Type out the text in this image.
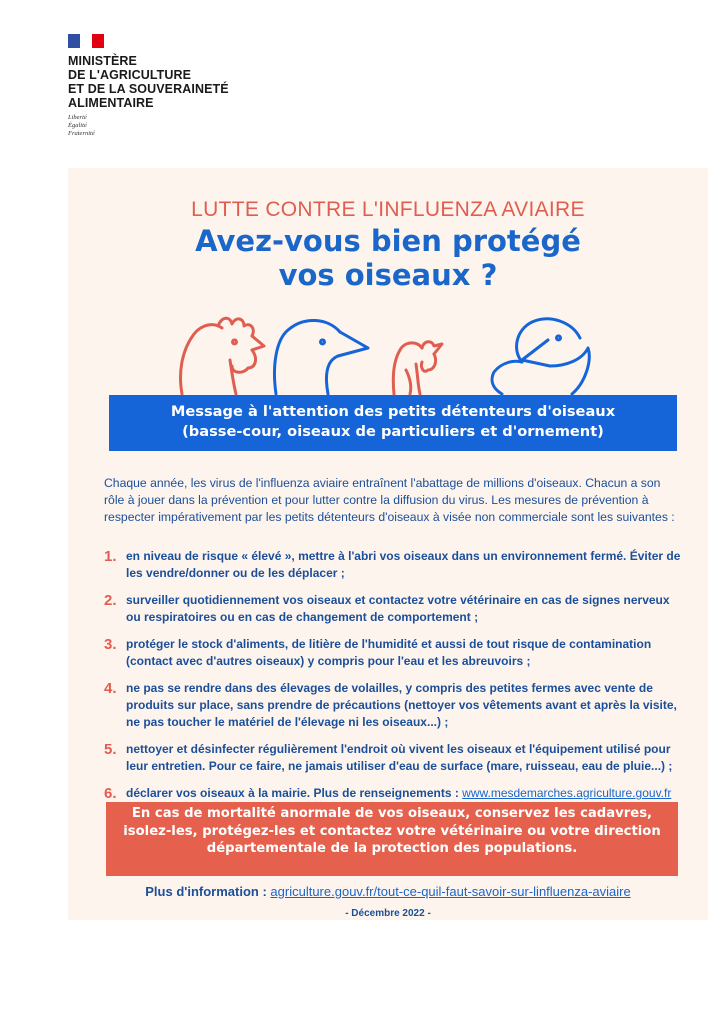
MINISTÈRE
DE L'AGRICULTURE
ET DE LA SOUVERAINETÉ
ALIMENTAIRE
Liberté
Égalité
Fraternité
LUTTE CONTRE L'INFLUENZA AVIAIRE
Avez-vous bien protégé
vos oiseaux ?
Message à l'attention des petits détenteurs d'oiseaux
(basse-cour, oiseaux de particuliers et d'ornement)
Chaque année, les virus de l'influenza aviaire entraînent l'abattage de millions d'oiseaux. Chacun a son rôle à jouer dans la prévention et pour lutter contre la diffusion du virus. Les mesures de prévention à respecter impérativement par les petits détenteurs d'oiseaux à visée non commerciale sont les suivantes :
1 .	en niveau de risque « élevé », mettre à l'abri vos oiseaux dans un environnement fermé. Éviter de les vendre/donner ou de les déplacer ;
2 .	surveiller quotidiennement vos oiseaux et contactez votre vétérinaire en cas de signes nerveux ou respiratoires ou en cas de changement de comportement ;
3 .	protéger le stock d'aliments, de litière de l'humidité et aussi de tout risque de contamination (contact avec d'autres oiseaux) y compris pour l'eau et les abreuvoirs ;
4 .	ne pas se rendre dans des élevages de volailles, y compris des petites fermes avec vente de produits sur place, sans prendre de précautions (nettoyer vos vêtements avant et après la visite, ne pas toucher le matériel de l'élevage ni les oiseaux...) ;
5 .	nettoyer et désinfecter régulièrement l'endroit où vivent les oiseaux et l'équipement utilisé pour leur entretien. Pour ce faire, ne jamais utiliser d'eau de surface (mare, ruisseau, eau de pluie...) ;
6 .	déclarer vos oiseaux à la mairie. Plus de renseignements : www.mesdemarches.agriculture.gouv.fr
En cas de mortalité anormale de vos oiseaux, conservez les cadavres,
isolez-les, protégez-les et contactez votre vétérinaire ou votre direction
départementale de la protection des populations.
Plus d'information : agriculture.gouv.fr/tout-ce-quil-faut-savoir-sur-linfluenza-aviaire
- Décembre 2022 -
